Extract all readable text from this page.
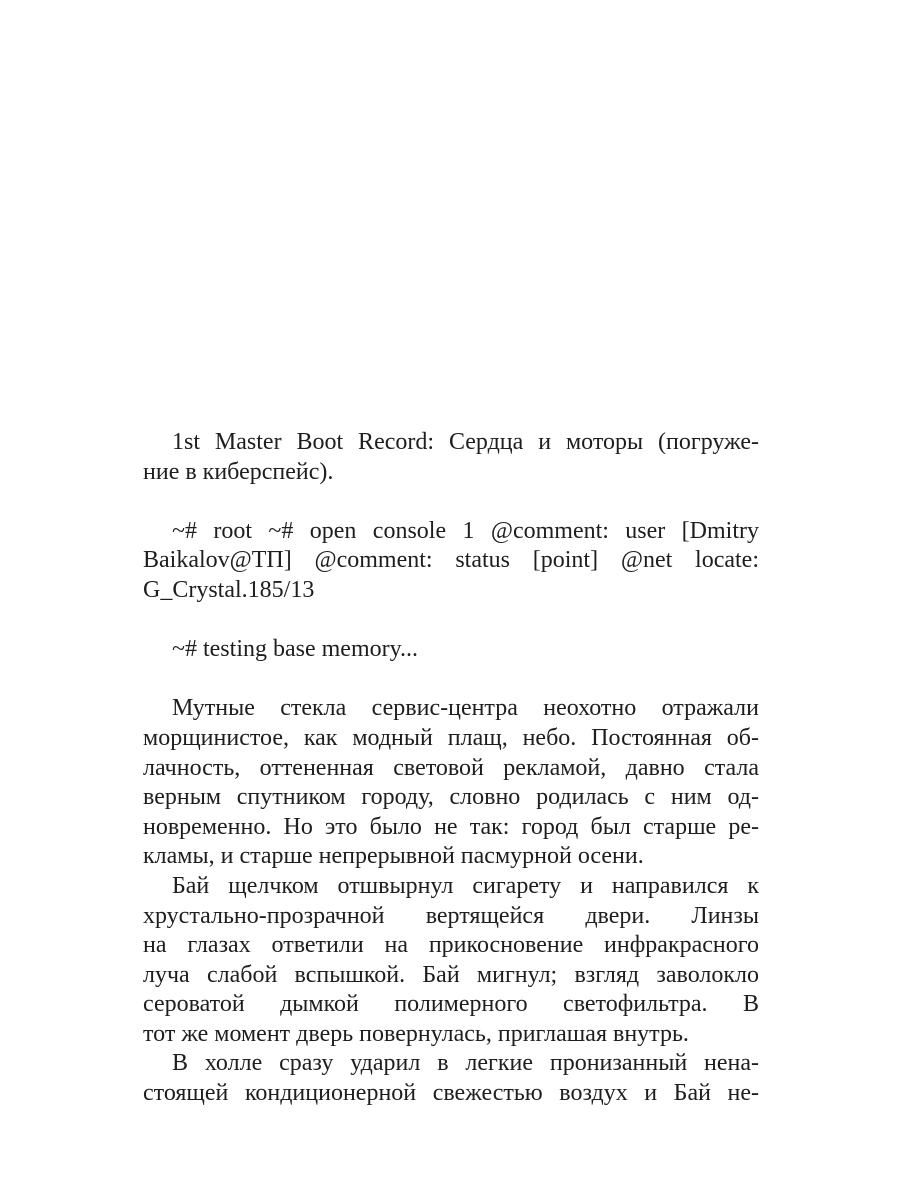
1st Master Boot Record: Сердца и моторы (погруже-
ние в киберспейс).
~# root ~# open console 1 @comment: user [Dmitry
Baikalov@ТП] @comment: status [point] @net locate:
G_Crystal.185/13
~# testing base memory...
Мутные стекла сервис-центра неохотно отражали
морщинистое, как модный плащ, небо. Постоянная об-
лачность, оттененная световой рекламой, давно стала
верным спутником городу, словно родилась с ним од-
новременно. Но это было не так: город был старше ре-
кламы, и старше непрерывной пасмурной осени.
Бай щелчком отшвырнул сигарету и направился к
хрустально-прозрачной вертящейся двери. Линзы
на глазах ответили на прикосновение инфракрасного
луча слабой вспышкой. Бай мигнул; взгляд заволокло
сероватой дымкой полимерного светофильтра. В
тот же момент дверь повернулась, приглашая внутрь.
В холле сразу ударил в легкие пронизанный нена-
стоящей кондиционерной свежестью воздух и Бай не-
